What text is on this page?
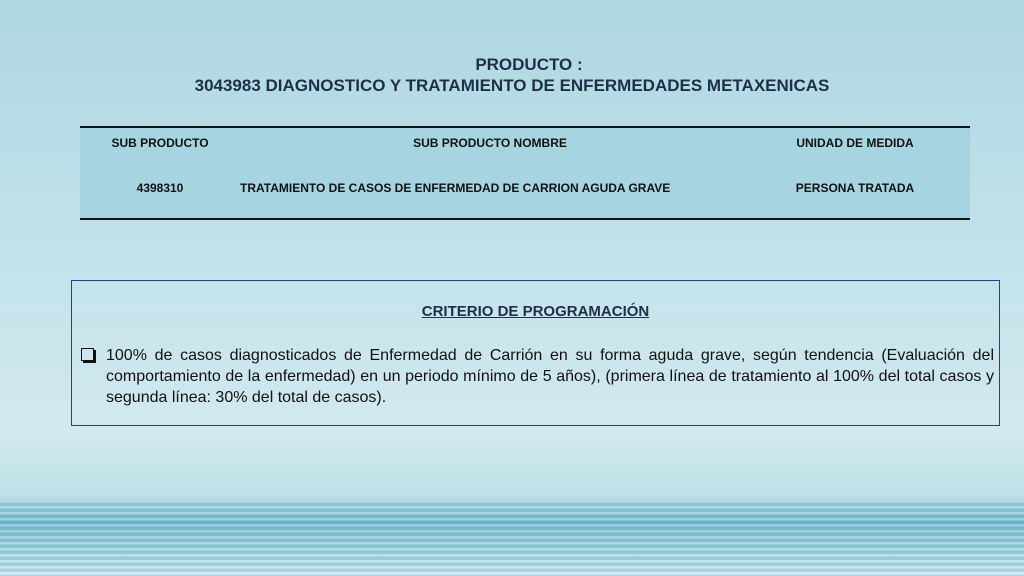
PRODUCTO :
3043983 DIAGNOSTICO Y TRATAMIENTO DE ENFERMEDADES METAXENICAS
SUB PRODUCTO	SUB PRODUCTO NOMBRE	UNIDAD DE MEDIDA
4398310	TRATAMIENTO DE CASOS DE ENFERMEDAD DE CARRION AGUDA GRAVE	PERSONA TRATADA
CRITERIO DE PROGRAMACIÓN
100% de casos diagnosticados de Enfermedad de Carrión en su forma aguda grave, según tendencia (Evaluación del comportamiento de la enfermedad) en un periodo mínimo de 5 años), (primera línea de tratamiento al 100% del total casos y segunda línea: 30% del total de casos).
